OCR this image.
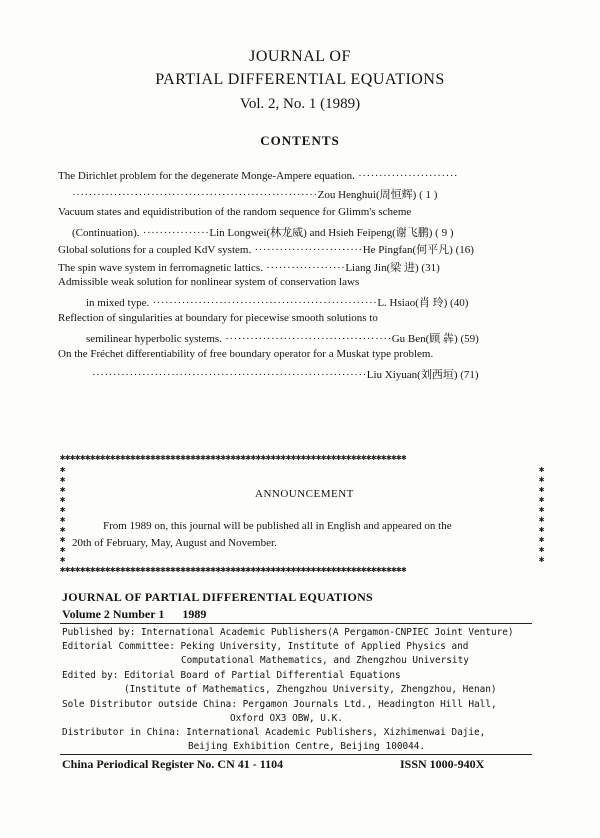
JOURNAL OF
PARTIAL DIFFERENTIAL EQUATIONS
Vol. 2, No. 1 (1989)
CONTENTS
The Dirichlet problem for the degenerate Monge-Ampere equation. ························
···························································Zou Henghui(周恒辉) ( 1 )
Vacuum states and equidistribution of the random sequence for Glimm's scheme
(Continuation). ················Lin Longwei(林龙威) and Hsieh Feipeng(谢飞鹏) ( 9 )
Global solutions for a coupled KdV system. ··························He Pingfan(何平凡) (16)
The spin wave system in ferromagnetic lattics. ···················Liang Jin(梁 进) (31)
Admissible weak solution for nonlinear system of conservation laws
in mixed type. ······················································L. Hsiao(肖 玲) (40)
Reflection of singularities at boundary for piecewise smooth solutions to
semilinear hyperbolic systems. ········································Gu Ben(顾 犇) (59)
On the Fréchet differentiability of free boundary operator for a Muskat type problem.
··································································Liu Xiyuan(刘西垣) (71)
✱✱✱✱✱✱✱✱✱✱✱✱✱✱✱✱✱✱✱✱✱✱✱✱✱✱✱✱✱✱✱✱✱✱✱✱✱✱✱✱✱✱✱✱✱✱✱✱✱✱✱✱✱✱✱✱✱✱✱✱✱✱✱✱✱✱✱✱✱
✱
✱
✱
✱
✱
✱
✱
✱
✱
✱
✱
✱
✱
✱
✱
✱
✱
✱
✱
✱
✱✱✱✱✱✱✱✱✱✱✱✱✱✱✱✱✱✱✱✱✱✱✱✱✱✱✱✱✱✱✱✱✱✱✱✱✱✱✱✱✱✱✱✱✱✱✱✱✱✱✱✱✱✱✱✱✱✱✱✱✱✱✱✱✱✱✱✱✱
ANNOUNCEMENT
From 1989 on, this journal will be published all in English and appeared on the
20th of February, May, August and November.
JOURNAL OF PARTIAL DIFFERENTIAL EQUATIONS
Volume 2 Number 1 1989
Published by: International Academic Publishers(A Pergamon-CNPIEC Joint Venture)
Editorial Committee: Peking University, Institute of Applied Physics and
Computational Mathematics, and Zhengzhou University
Edited by: Editorial Board of Partial Differential Equations
(Institute of Mathematics, Zhengzhou University, Zhengzhou, Henan)
Sole Distributor outside China: Pergamon Journals Ltd., Headington Hill Hall,
Oxford OX3 OBW, U.K.
Distributor in China: International Academic Publishers, Xizhimenwai Dajie,
Beijing Exhibition Centre, Beijing 100044.
China Periodical Register No. CN 41 - 1104	ISSN 1000-940X
